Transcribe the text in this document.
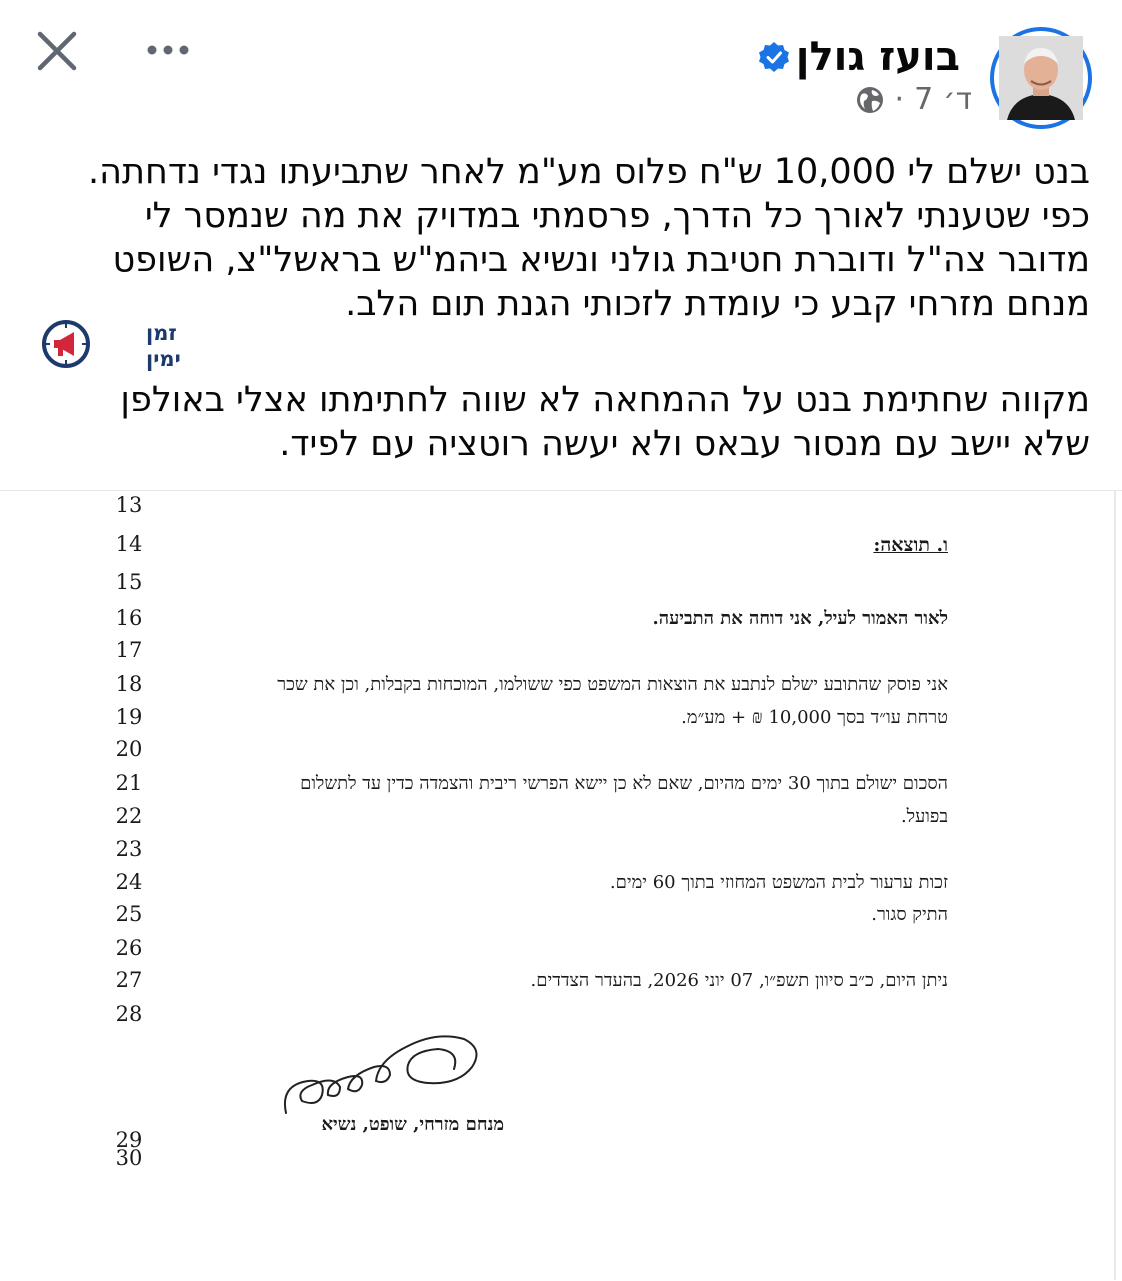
בועז גולן
ד׳
7
·
בנט ישלם לי 10,000 ש"ח פלוס מע"מ לאחר שתביעתו נגדי נדחתה.
כפי שטענתי לאורך כל הדרך, פרסמתי במדויק את מה שנמסר לי
מדובר צה"ל ודוברת חטיבת גולני ונשיא ביהמ"ש בראשל"צ, השופט
מנחם מזרחי קבע כי עומדת לזכותי הגנת תום הלב.
מקווה שחתימת בנט על ההמחאה לא שווה לחתימתו אצלי באולפן
שלא יישב עם מנסור עבאס ולא יעשה רוטציה עם לפיד.
זמן
ימין
13
14
15
16
17
18
19
20
21
22
23
24
25
26
27
28
29
30
ו. תוצאה:
לאור האמור לעיל, אני דוחה את התביעה.
אני פוסק שהתובע ישלם לנתבע את הוצאות המשפט כפי ששולמו, המוכחות בקבלות, וכן את שכר
טרחת עו״ד בסך 10,000 ₪ + מע״מ.
הסכום ישולם בתוך 30 ימים מהיום, שאם לא כן יישא הפרשי ריבית והצמדה כדין עד לתשלום
בפועל.
זכות ערעור לבית המשפט המחוזי בתוך 60 ימים.
התיק סגור.
ניתן היום, כ״ב סיוון תשפ״ו, 07 יוני 2026, בהעדר הצדדים.
מנחם מזרחי, שופט, נשיא
